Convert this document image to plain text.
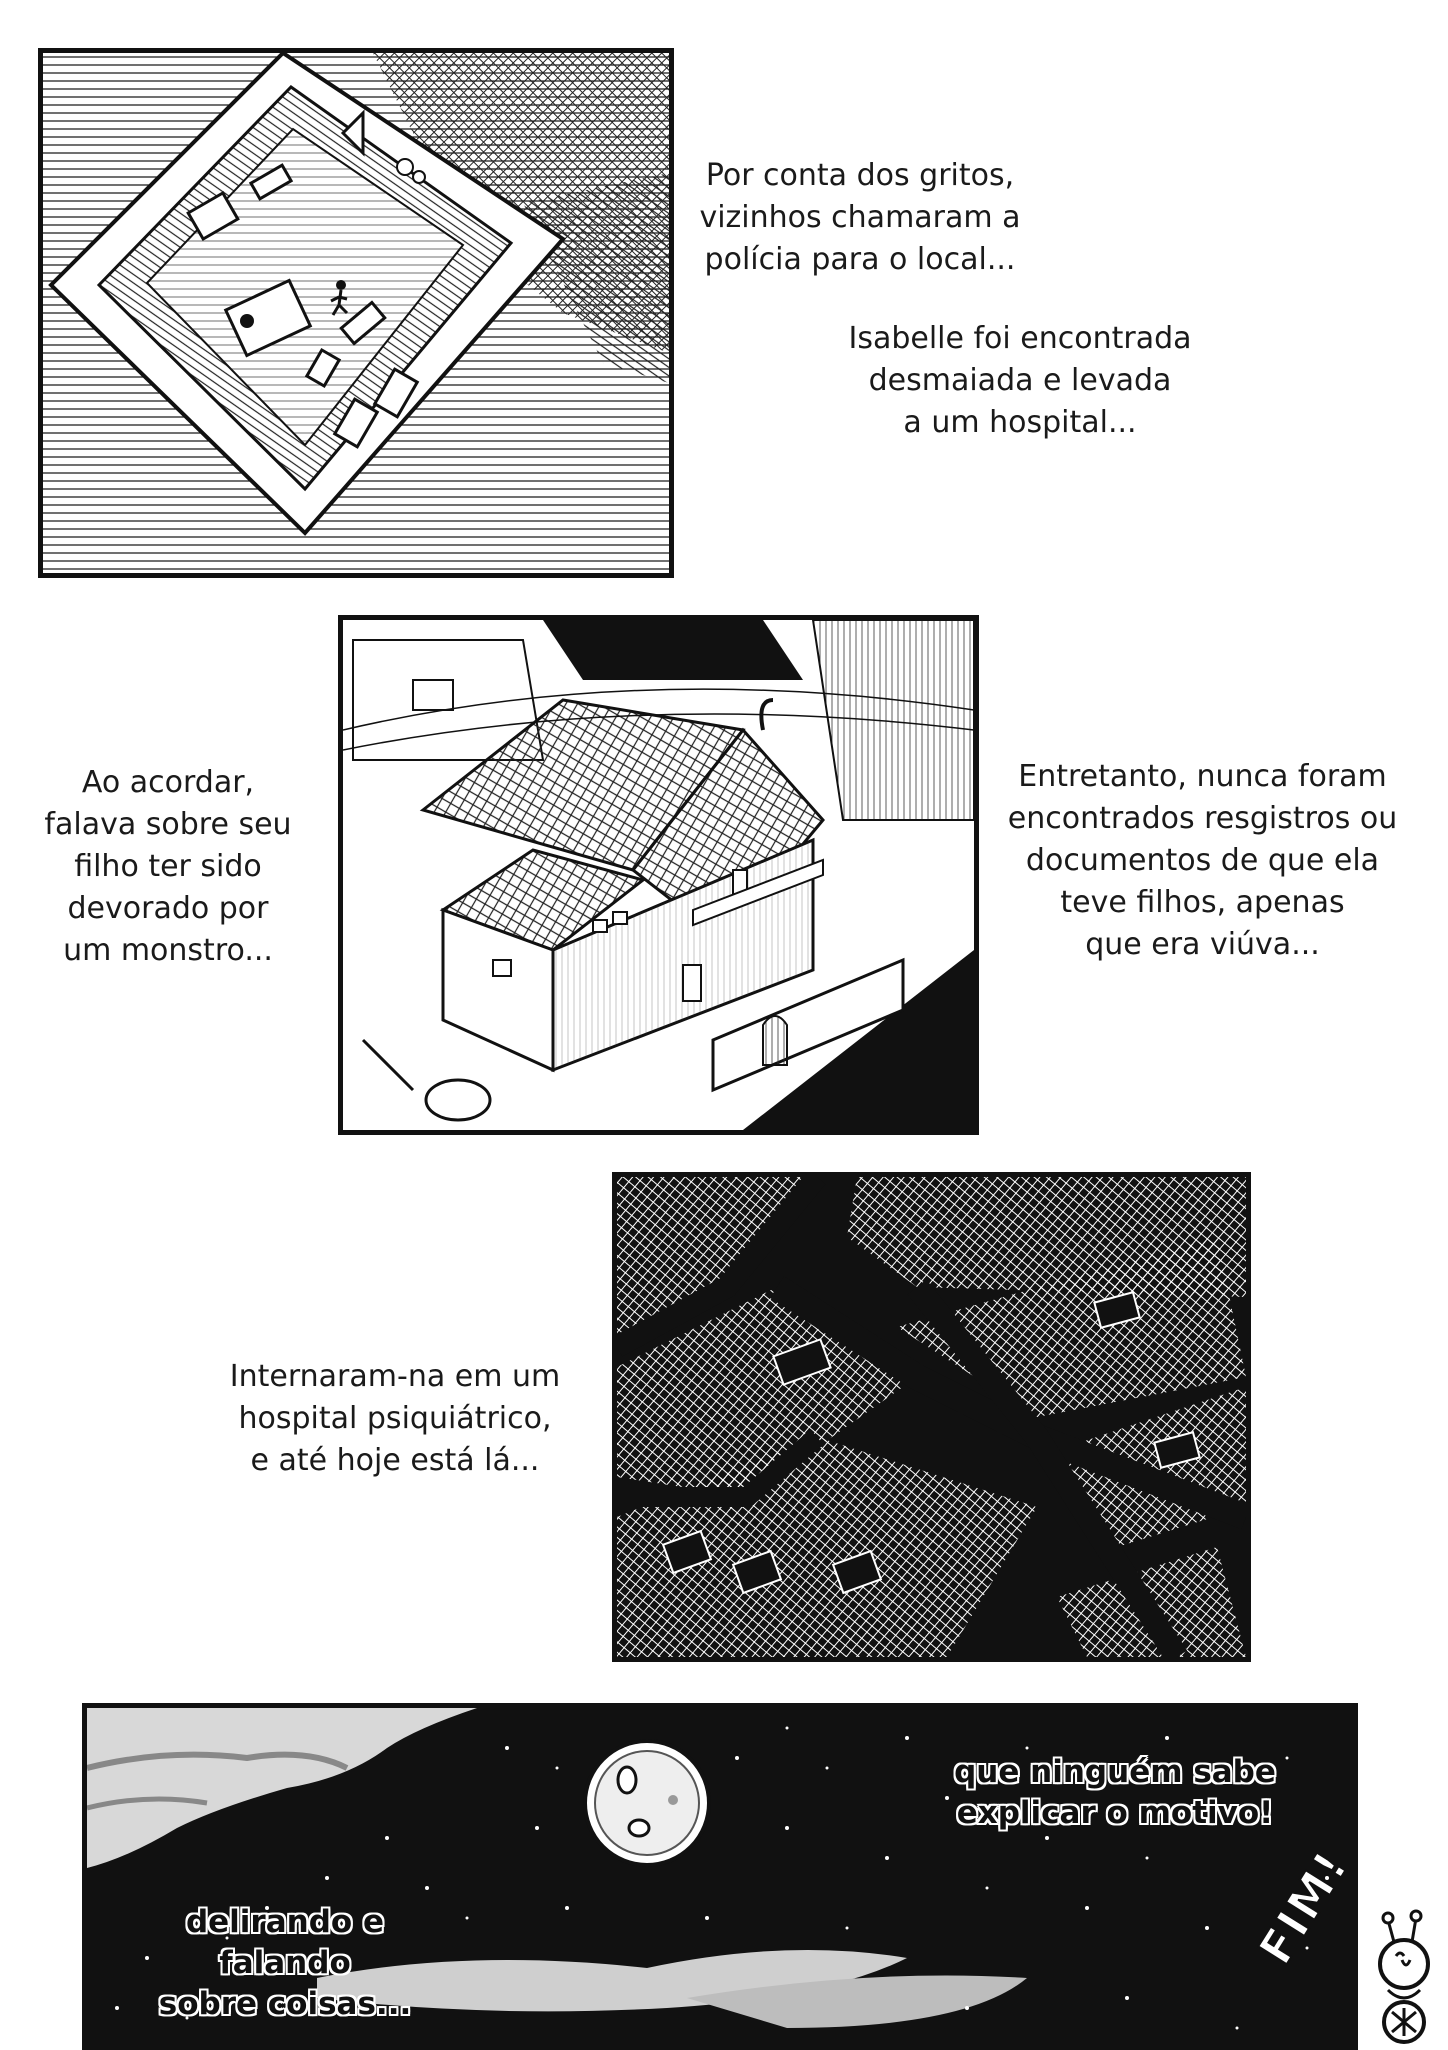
Por conta dos gritos,
vizinhos chamaram a
polícia para o local...

Isabelle foi encontrada
desmaiada e levada
a um hospital...

Ao acordar,
falava sobre seu
filho ter sido
devorado por
um monstro...

Entretanto, nunca foram
encontrados resgistros ou
documentos de que ela
teve filhos, apenas
que era viúva...

Internaram-na em um
hospital psiquiátrico,
e até hoje está lá...

que ninguém sabe
explicar o motivo!
delirando e falando
sobre coisas...
FIM!
